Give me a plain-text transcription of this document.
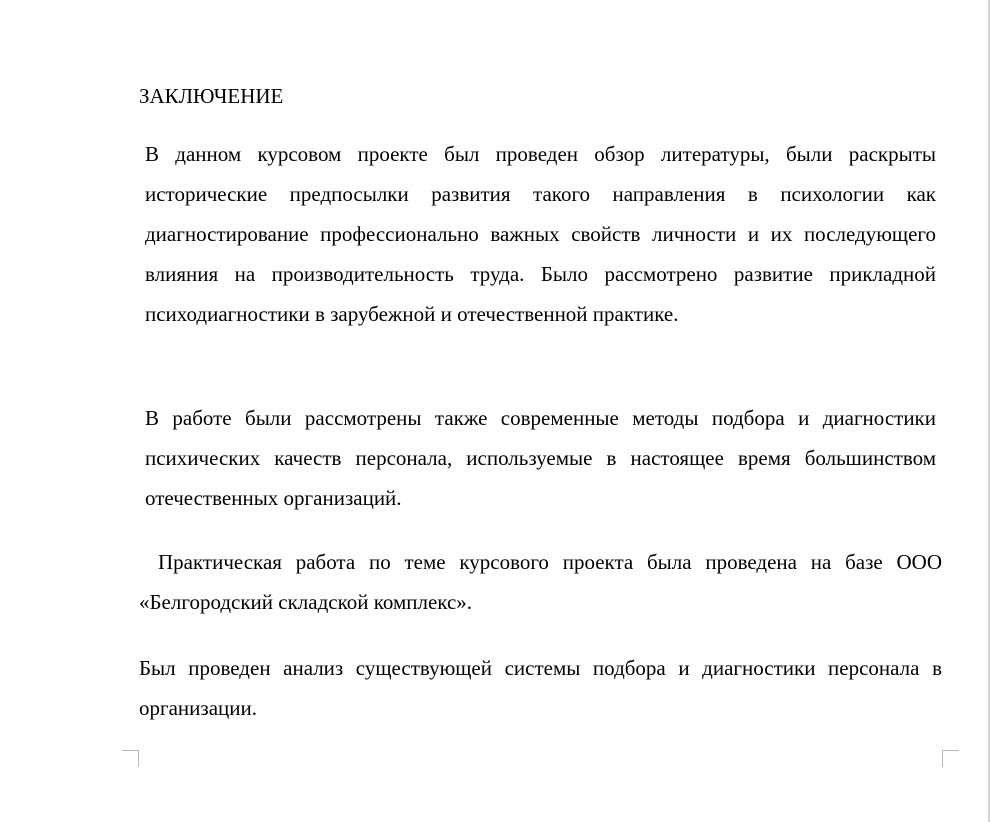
ЗАКЛЮЧЕНИЕ

В данном курсовом проекте был проведен обзор литературы, были раскрыты исторические предпосылки развития такого направления в психологии как диагностирование профессионально важных свойств личности и их последующего влияния на производительность труда. Было рассмотрено развитие прикладной психодиагностики в зарубежной и отечественной практике.

В работе были рассмотрены также современные методы подбора и диагностики психических качеств персонала, используемые в настоящее время большинством отечественных организаций.

Практическая работа по теме курсового проекта была проведена на базе ООО «Белгородский складской комплекс».

Был проведен анализ существующей системы подбора и диагностики персонала в организации.
